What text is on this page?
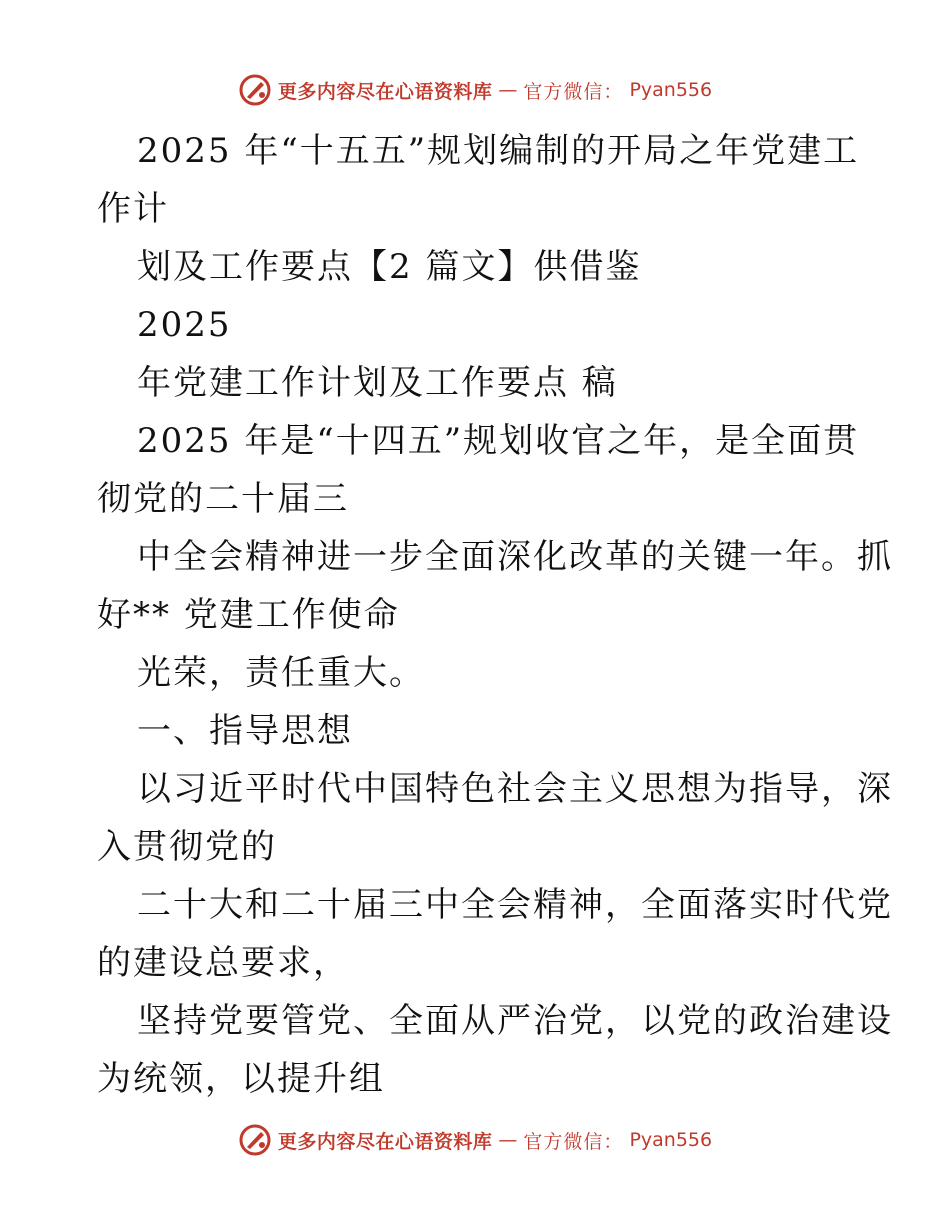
更多内容尽在心语资料库 — 官方微信： Pyan556
2025 年“十五五”规划编制的开局之年党建工
作计
划及工作要点【2 篇文】供借鉴
2025
年党建工作计划及工作要点 稿
2025 年是“十四五”规划收官之年，是全面贯
彻党的二十届三
中全会精神进一步全面深化改革的关键一年。抓
好** 党建工作使命
光荣，责任重大。
一、指导思想
以习近平时代中国特色社会主义思想为指导，深
入贯彻党的
二十大和二十届三中全会精神，全面落实时代党
的建设总要求，
坚持党要管党、全面从严治党，以党的政治建设
为统领，以提升组
更多内容尽在心语资料库 — 官方微信： Pyan556
